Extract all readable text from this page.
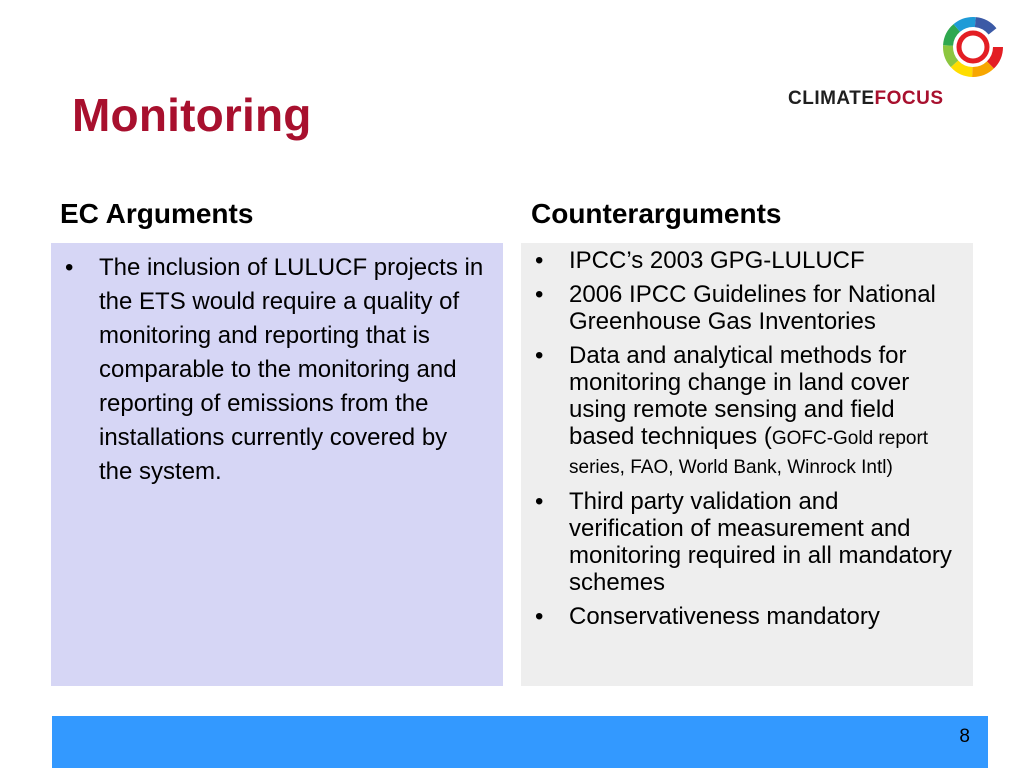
Monitoring	CLIMATEFOCUS
EC Arguments	Counterarguments
• The inclusion of LULUCF projects in the ETS would require a quality of monitoring and reporting that is comparable to the monitoring and reporting of emissions from the installations currently covered by the system.
• IPCC’s 2003 GPG-LULUCF
• 2006 IPCC Guidelines for National Greenhouse Gas Inventories
• Data and analytical methods for monitoring change in land cover using remote sensing and field based techniques (GOFC-Gold report series, FAO, World Bank, Winrock Intl)
• Third party validation and verification of measurement and monitoring required in all mandatory schemes
• Conservativeness mandatory
8
